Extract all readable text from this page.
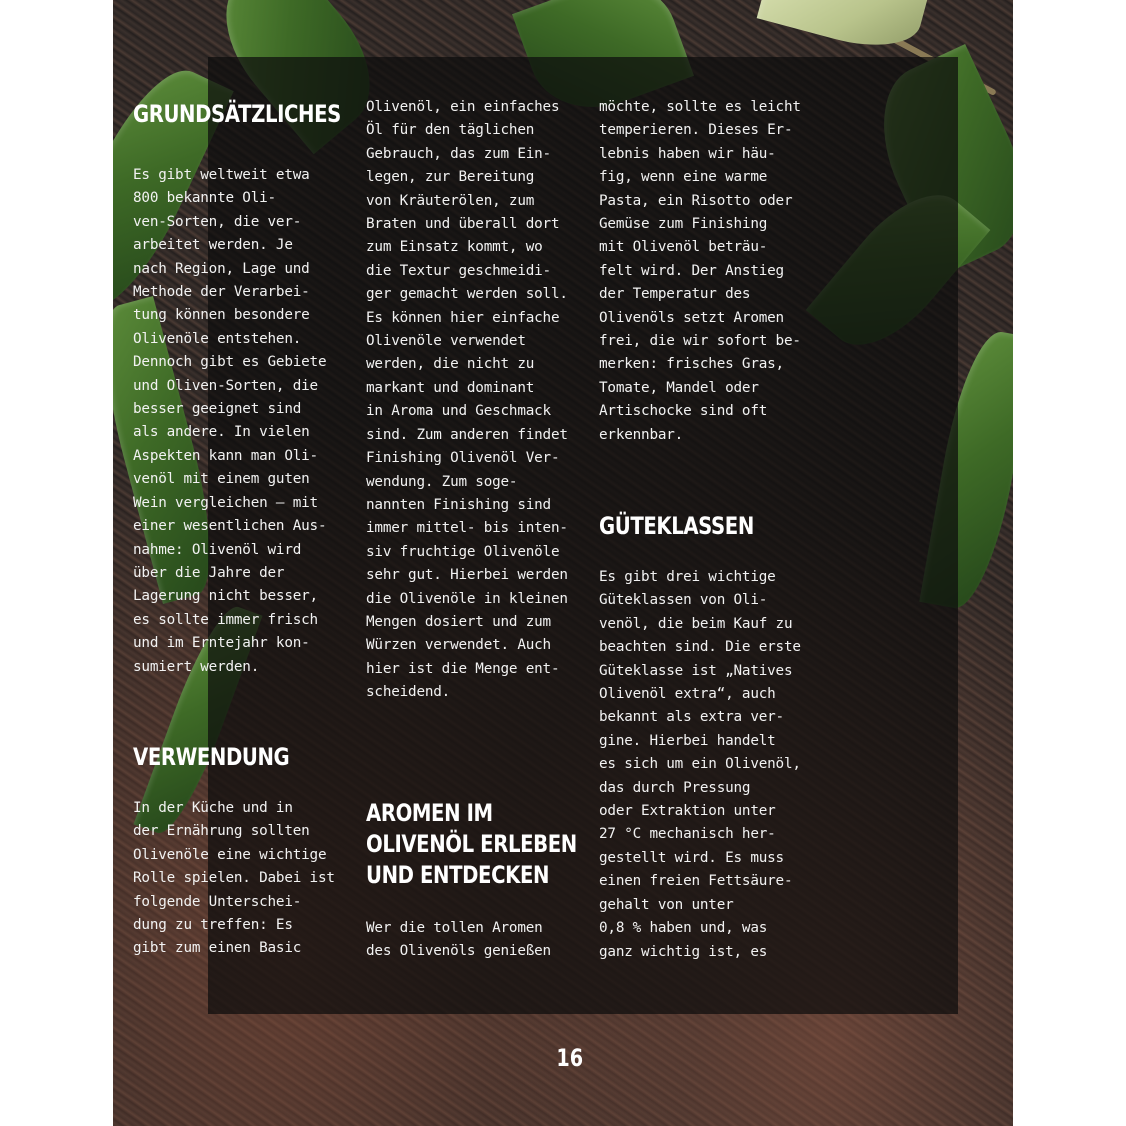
GRUNDSÄTZLICHES

Es gibt weltweit etwa
800 bekannte Oli-
ven-Sorten, die ver-
arbeitet werden. Je
nach Region, Lage und
Methode der Verarbei-
tung können besondere
Olivenöle entstehen.
Dennoch gibt es Gebiete
und Oliven-Sorten, die
besser geeignet sind
als andere. In vielen
Aspekten kann man Oli-
venöl mit einem guten
Wein vergleichen – mit
einer wesentlichen Aus-
nahme: Olivenöl wird
über die Jahre der
Lagerung nicht besser,
es sollte immer frisch
und im Erntejahr kon-
sumiert werden.

VERWENDUNG

In der Küche und in
der Ernährung sollten
Olivenöle eine wichtige
Rolle spielen. Dabei ist
folgende Unterschei-
dung zu treffen: Es
gibt zum einen Basic

Olivenöl, ein einfaches
Öl für den täglichen
Gebrauch, das zum Ein-
legen, zur Bereitung
von Kräuterölen, zum
Braten und überall dort
zum Einsatz kommt, wo
die Textur geschmeidi-
ger gemacht werden soll.
Es können hier einfache
Olivenöle verwendet
werden, die nicht zu
markant und dominant
in Aroma und Geschmack
sind. Zum anderen findet
Finishing Olivenöl Ver-
wendung. Zum soge-
nannten Finishing sind
immer mittel- bis inten-
siv fruchtige Olivenöle
sehr gut. Hierbei werden
die Olivenöle in kleinen
Mengen dosiert und zum
Würzen verwendet. Auch
hier ist die Menge ent-
scheidend.

AROMEN IM
OLIVENÖL ERLEBEN
UND ENTDECKEN

Wer die tollen Aromen
des Olivenöls genießen

möchte, sollte es leicht
temperieren. Dieses Er-
lebnis haben wir häu-
fig, wenn eine warme
Pasta, ein Risotto oder
Gemüse zum Finishing
mit Olivenöl beträu-
felt wird. Der Anstieg
der Temperatur des
Olivenöls setzt Aromen
frei, die wir sofort be-
merken: frisches Gras,
Tomate, Mandel oder
Artischocke sind oft
erkennbar.

GÜTEKLASSEN

Es gibt drei wichtige
Güteklassen von Oli-
venöl, die beim Kauf zu
beachten sind. Die erste
Güteklasse ist „Natives
Olivenöl extra“, auch
bekannt als extra ver-
gine. Hierbei handelt
es sich um ein Olivenöl,
das durch Pressung
oder Extraktion unter
27 °C mechanisch her-
gestellt wird. Es muss
einen freien Fettsäure-
gehalt von unter
0,8 % haben und, was
ganz wichtig ist, es

16
